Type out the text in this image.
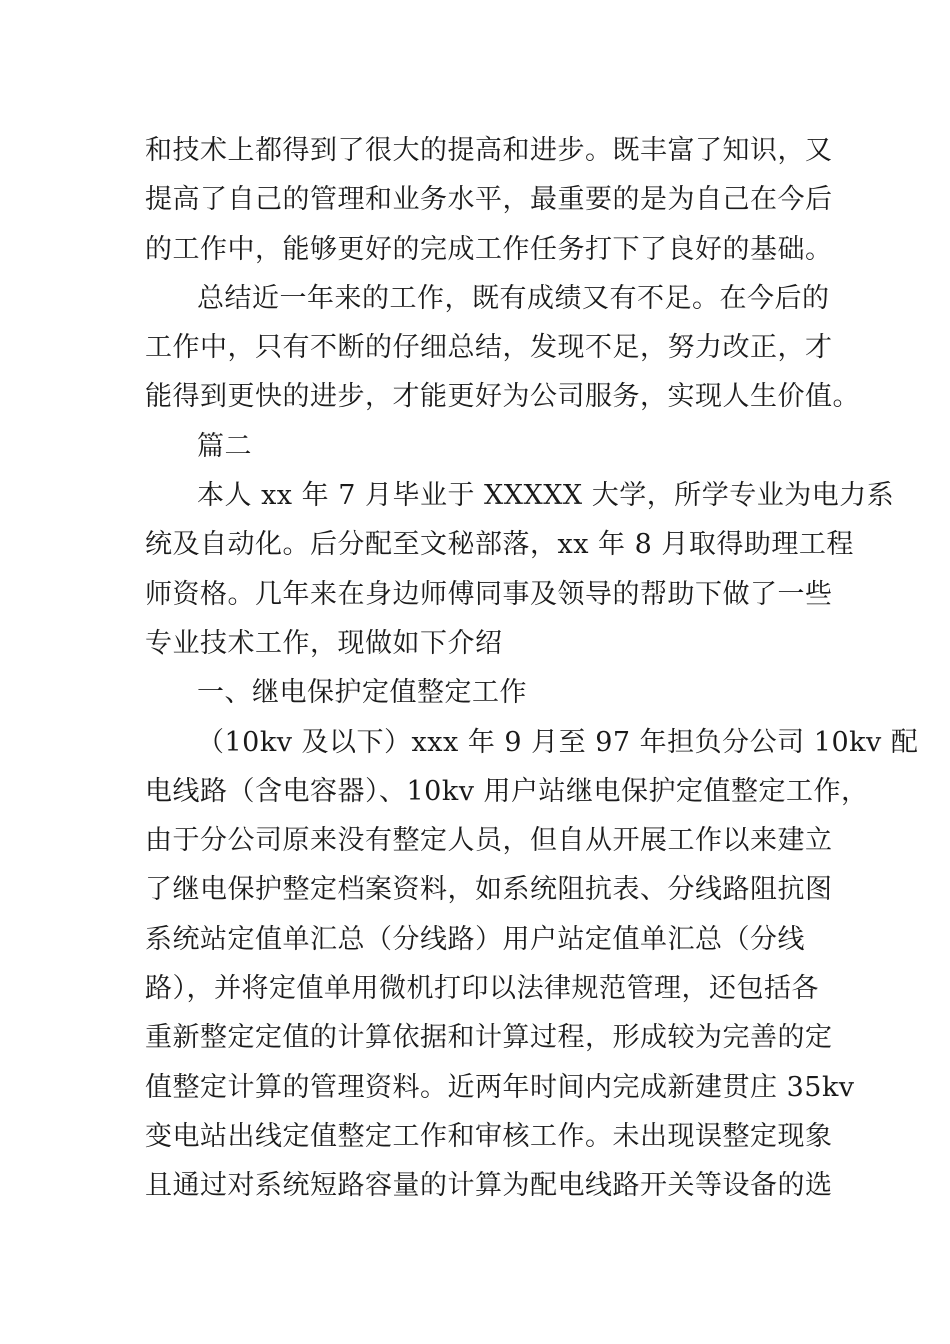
和技术上都得到了很大的提高和进步。既丰富了知识，又
提高了自己的管理和业务水平，最重要的是为自己在今后
的工作中，能够更好的完成工作任务打下了良好的基础。
总结近一年来的工作，既有成绩又有不足。在今后的
工作中，只有不断的仔细总结，发现不足，努力改正，才
能得到更快的进步，才能更好为公司服务，实现人生价值。
篇二
本人 xx 年 7 月毕业于 XXXXX 大学，所学专业为电力系
统及自动化。后分配至文秘部落，xx 年 8 月取得助理工程
师资格。几年来在身边师傅同事及领导的帮助下做了一些
专业技术工作，现做如下介绍
一、继电保护定值整定工作
（10kv 及以下）xxx 年 9 月至 97 年担负分公司 10kv 配
电线路（含电容器）、10kv 用户站继电保护定值整定工作，
由于分公司原来没有整定人员，但自从开展工作以来建立
了继电保护整定档案资料，如系统阻抗表、分线路阻抗图
系统站定值单汇总（分线路）用户站定值单汇总（分线
路），并将定值单用微机打印以法律规范管理，还包括各
重新整定定值的计算依据和计算过程，形成较为完善的定
值整定计算的管理资料。近两年时间内完成新建贯庄 35kv
变电站出线定值整定工作和审核工作。未出现误整定现象
且通过对系统短路容量的计算为配电线路开关等设备的选
